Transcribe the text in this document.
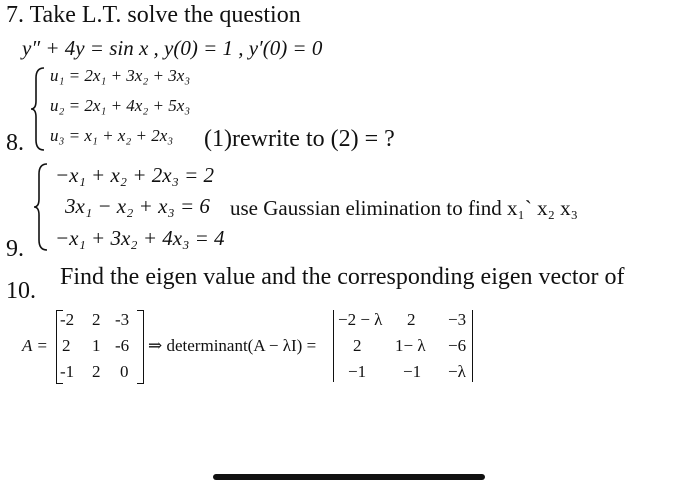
7. Take L.T. solve the question
y″ + 4y = sin x , y(0) = 1 , y′(0) = 0
u₁ = 2x₁ + 3x₂ + 3x₃
u₂ = 2x₁ + 4x₂ + 5x₃
u₃ = x₁ + x₂ + 2x₃
8.	(1)rewrite to (2) = ?
−x₁ + x₂ + 2x₃ = 2
3x₁ − x₂ + x₃ = 6
−x₁ + 3x₂ + 4x₃ = 4
use Gaussian elimination to find x₁ˋ x₂ x₃
9.
10.
Find the eigen value and the corresponding eigen vector of
A =
-2 2 -3
2 1 -6
-1 2 0
⇒ determinant(A − λI) =
−2 − λ 2 −3
2 1− λ −6
−1 −1 −λ
